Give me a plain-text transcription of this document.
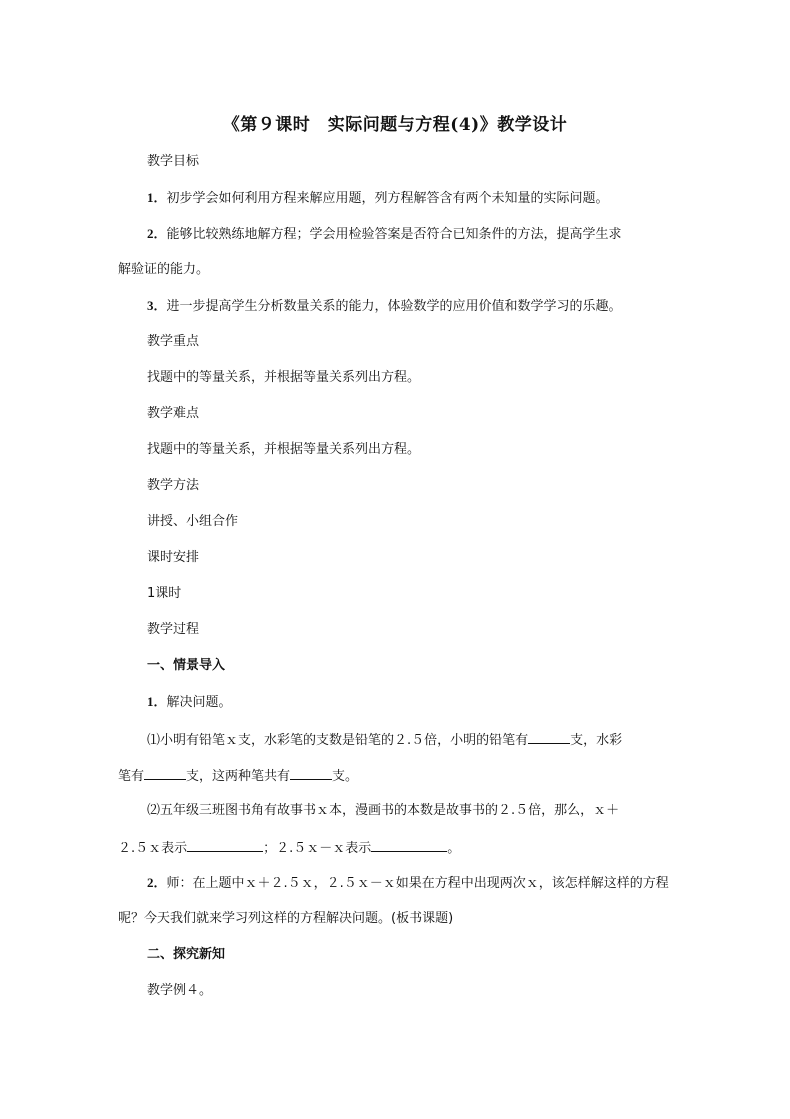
《第９课时　实际问题与方程(4)》教学设计
教学目标
1．初步学会如何利用方程来解应用题，列方程解答含有两个未知量的实际问题。
2．能够比较熟练地解方程；学会用检验答案是否符合已知条件的方法，提高学生求
解验证的能力。
3．进一步提高学生分析数量关系的能力，体验数学的应用价值和数学学习的乐趣。
教学重点
找题中的等量关系，并根据等量关系列出方程。
教学难点
找题中的等量关系，并根据等量关系列出方程。
教学方法
讲授、小组合作
课时安排
1课时
教学过程
一、情景导入
1．解决问题。
⑴小明有铅笔ｘ支，水彩笔的支数是铅笔的２.５倍，小明的铅笔有	支，水彩
笔有	支，这两种笔共有	支。
⑵五年级三班图书角有故事书ｘ本，漫画书的本数是故事书的２.５倍，那么，ｘ＋
２.５ｘ表示	；２.５ｘ－ｘ表示	。
2．师：在上题中ｘ＋２.５ｘ，２.５ｘ－ｘ如果在方程中出现两次ｘ，该怎样解这样的方程
呢？今天我们就来学习列这样的方程解决问题。(板书课题)
二、探究新知
教学例４。
